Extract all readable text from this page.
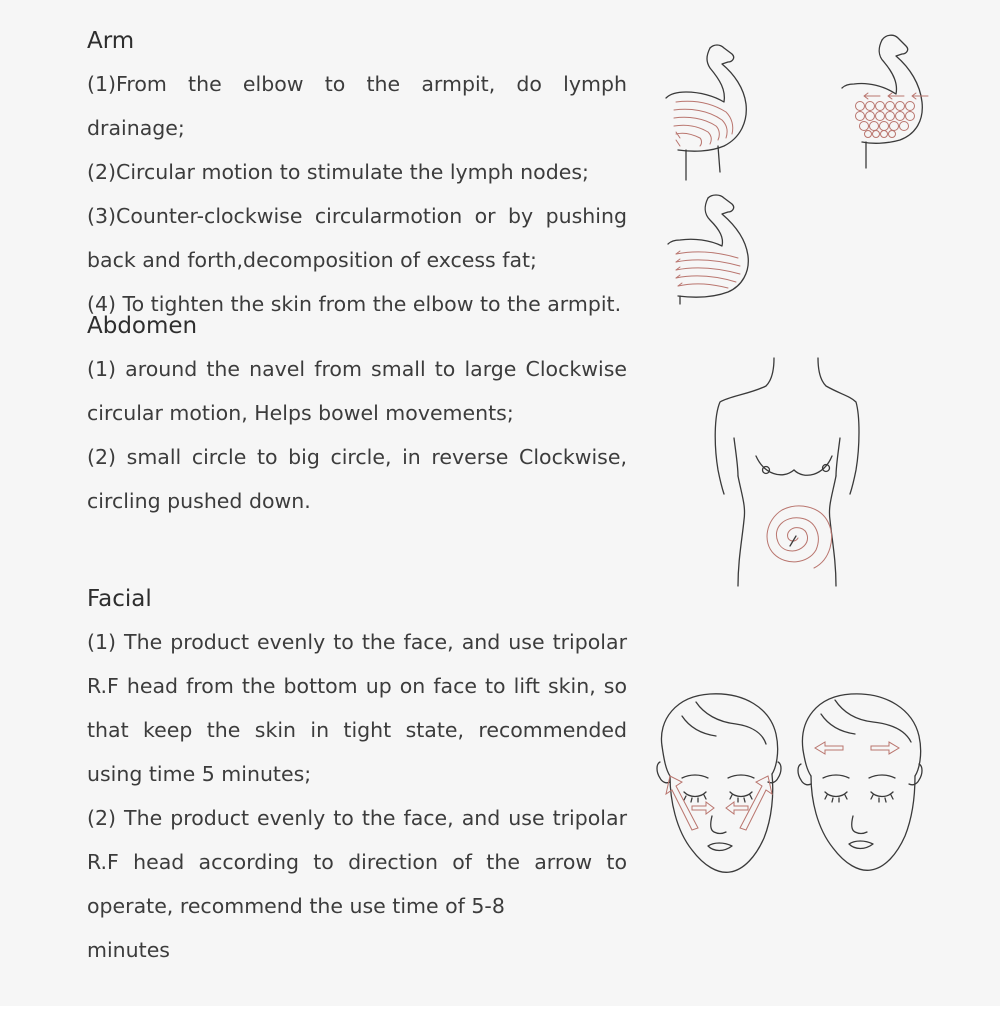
Arm

(1)From the elbow to the armpit, do lymph drainage;

(2)Circular motion to stimulate the lymph nodes;

(3)Counter-clockwise circularmotion or by pushing back and forth,decomposition of excess fat;

(4) To tighten the skin from the elbow to the armpit.

Abdomen

(1) around the navel from small to large Clockwise circular motion, Helps bowel movements;

(2) small circle to big circle, in reverse Clockwise, circling pushed down.

Facial

(1) The product evenly to the face, and use tripolar R.F head from the bottom up on face to lift skin, so that keep the skin in tight state, recommended using time 5 minutes;

(2) The product evenly to the face, and use tripolar R.F head according to direction of the arrow to operate, recommend the use time of 5-8

minutes
